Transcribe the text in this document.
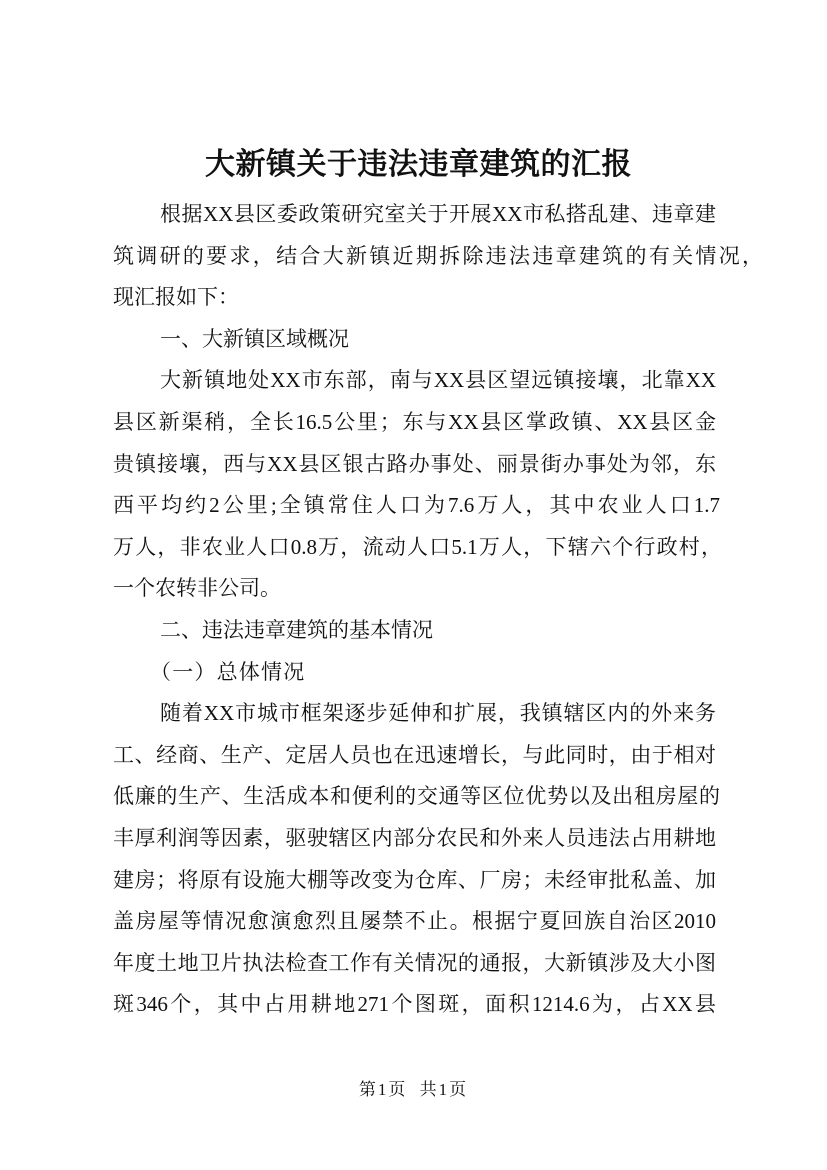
大新镇关于违法违章建筑的汇报
根据XX县区委政策研究室关于开展XX市私搭乱建、违章建
筑调研的要求，结合大新镇近期拆除违法违章建筑的有关情况，
现汇报如下：
一、大新镇区域概况
大新镇地处XX市东部，南与XX县区望远镇接壤，北靠XX
县区新渠稍，全长16.5公里；东与XX县区掌政镇、XX县区金
贵镇接壤，西与XX县区银古路办事处、丽景街办事处为邻，东
西平均约2公里;全镇常住人口为7.6万人，其中农业人口1.7
万人，非农业人口0.8万，流动人口5.1万人，下辖六个行政村，
一个农转非公司。
二、违法违章建筑的基本情况
（一）总体情况
随着XX市城市框架逐步延伸和扩展，我镇辖区内的外来务
工、经商、生产、定居人员也在迅速增长，与此同时，由于相对
低廉的生产、生活成本和便利的交通等区位优势以及出租房屋的
丰厚利润等因素，驱驶辖区内部分农民和外来人员违法占用耕地
建房；将原有设施大棚等改变为仓库、厂房；未经审批私盖、加
盖房屋等情况愈演愈烈且屡禁不止。根据宁夏回族自治区2010
年度土地卫片执法检查工作有关情况的通报，大新镇涉及大小图
斑346个，其中占用耕地271个图斑，面积1214.6为，占XX县
第1页 共1页
